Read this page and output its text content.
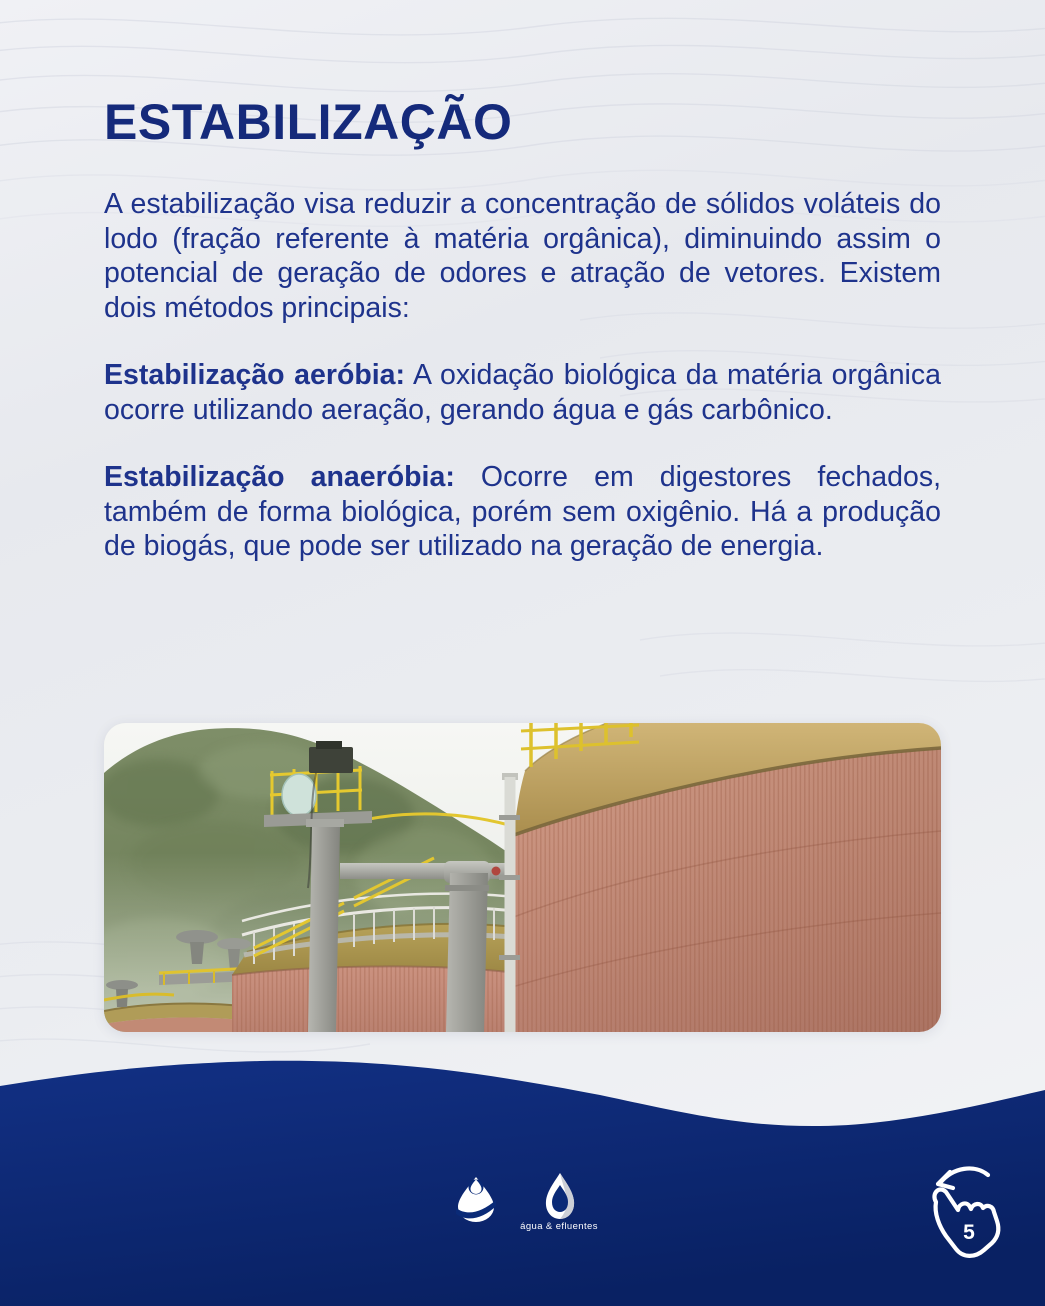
ESTABILIZAÇÃO

A estabilização visa reduzir a concentração de sólidos voláteis do lodo (fração referente à matéria orgânica), diminuindo assim o potencial de geração de odores e atração de vetores. Existem dois métodos principais:

Estabilização aeróbia: A oxidação biológica da matéria orgânica ocorre utilizando aeração, gerando água e gás carbônico.

Estabilização anaeróbia: Ocorre em digestores fechados, também de forma biológica, porém sem oxigênio. Há a produção de biogás, que pode ser utilizado na geração de energia.

água & efluentes	5
